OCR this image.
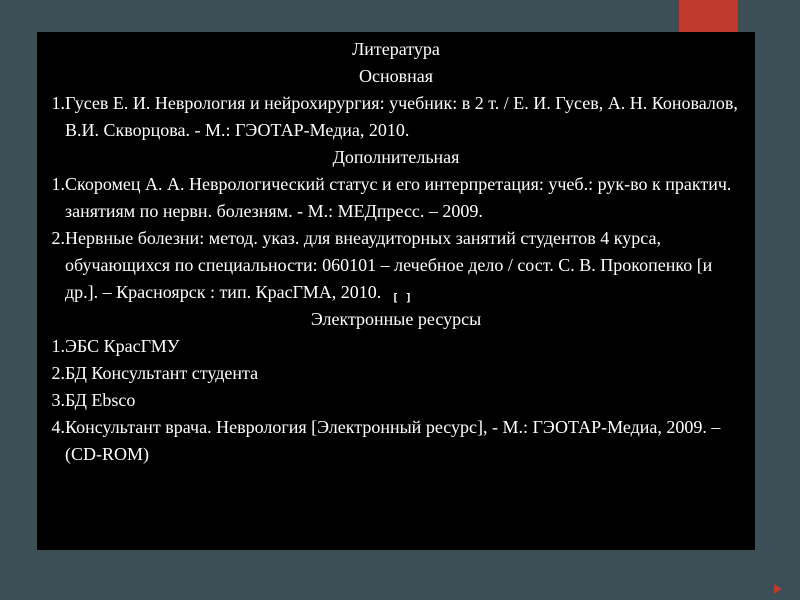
Литература
Основная
1. Гусев Е. И. Неврология и нейрохирургия: учебник: в 2 т. / Е. И. Гусев, А. Н. Коновалов, В.И. Скворцова. - М.: ГЭОТАР-Медиа, 2010.
Дополнительная
1. Скоромец А. А. Неврологический статус и его интерпретация: учеб.: рук-во к практич. занятиям по нервн. болезням. - М.: МЕДпресс. – 2009.
2. Нервные болезни: метод. указ. для внеаудиторных занятий студентов 4 курса, обучающихся по специальности: 060101 – лечебное дело / сост. С. В. Прокопенко [и др.]. – Красноярск : тип. КрасГМА, 2010.
Электронные ресурсы
1. ЭБС КрасГМУ
2. БД Консультант студента
3. БД Ebsco
4. Консультант врача. Неврология [Электронный ресурс], - М.: ГЭОТАР-Медиа, 2009. – (CD-ROM)
[ ]
